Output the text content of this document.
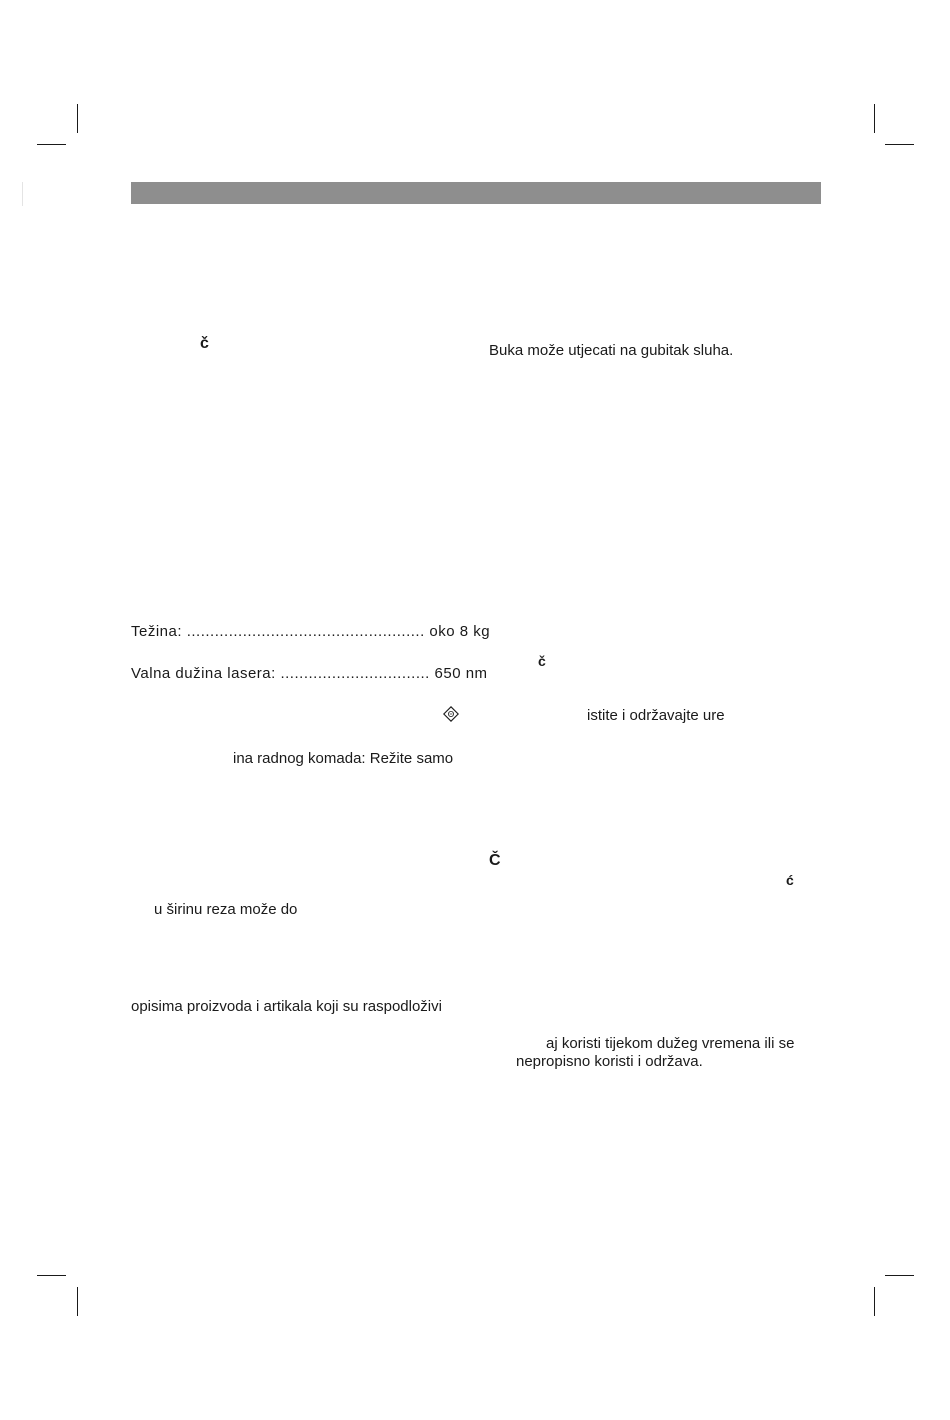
č
Težina: ................................................... oko 8 kg
Valna dužina lasera: ................................ 650 nm
ina radnog komada: Režite samo
u širinu reza može do
opisima proizvoda i artikala koji su raspodloživi
Buka može utjecati na gubitak sluha.
č
istite i održavajte ure
Č
ć
aj koristi tijekom dužeg vremena ili se
nepropisno koristi i održava.
